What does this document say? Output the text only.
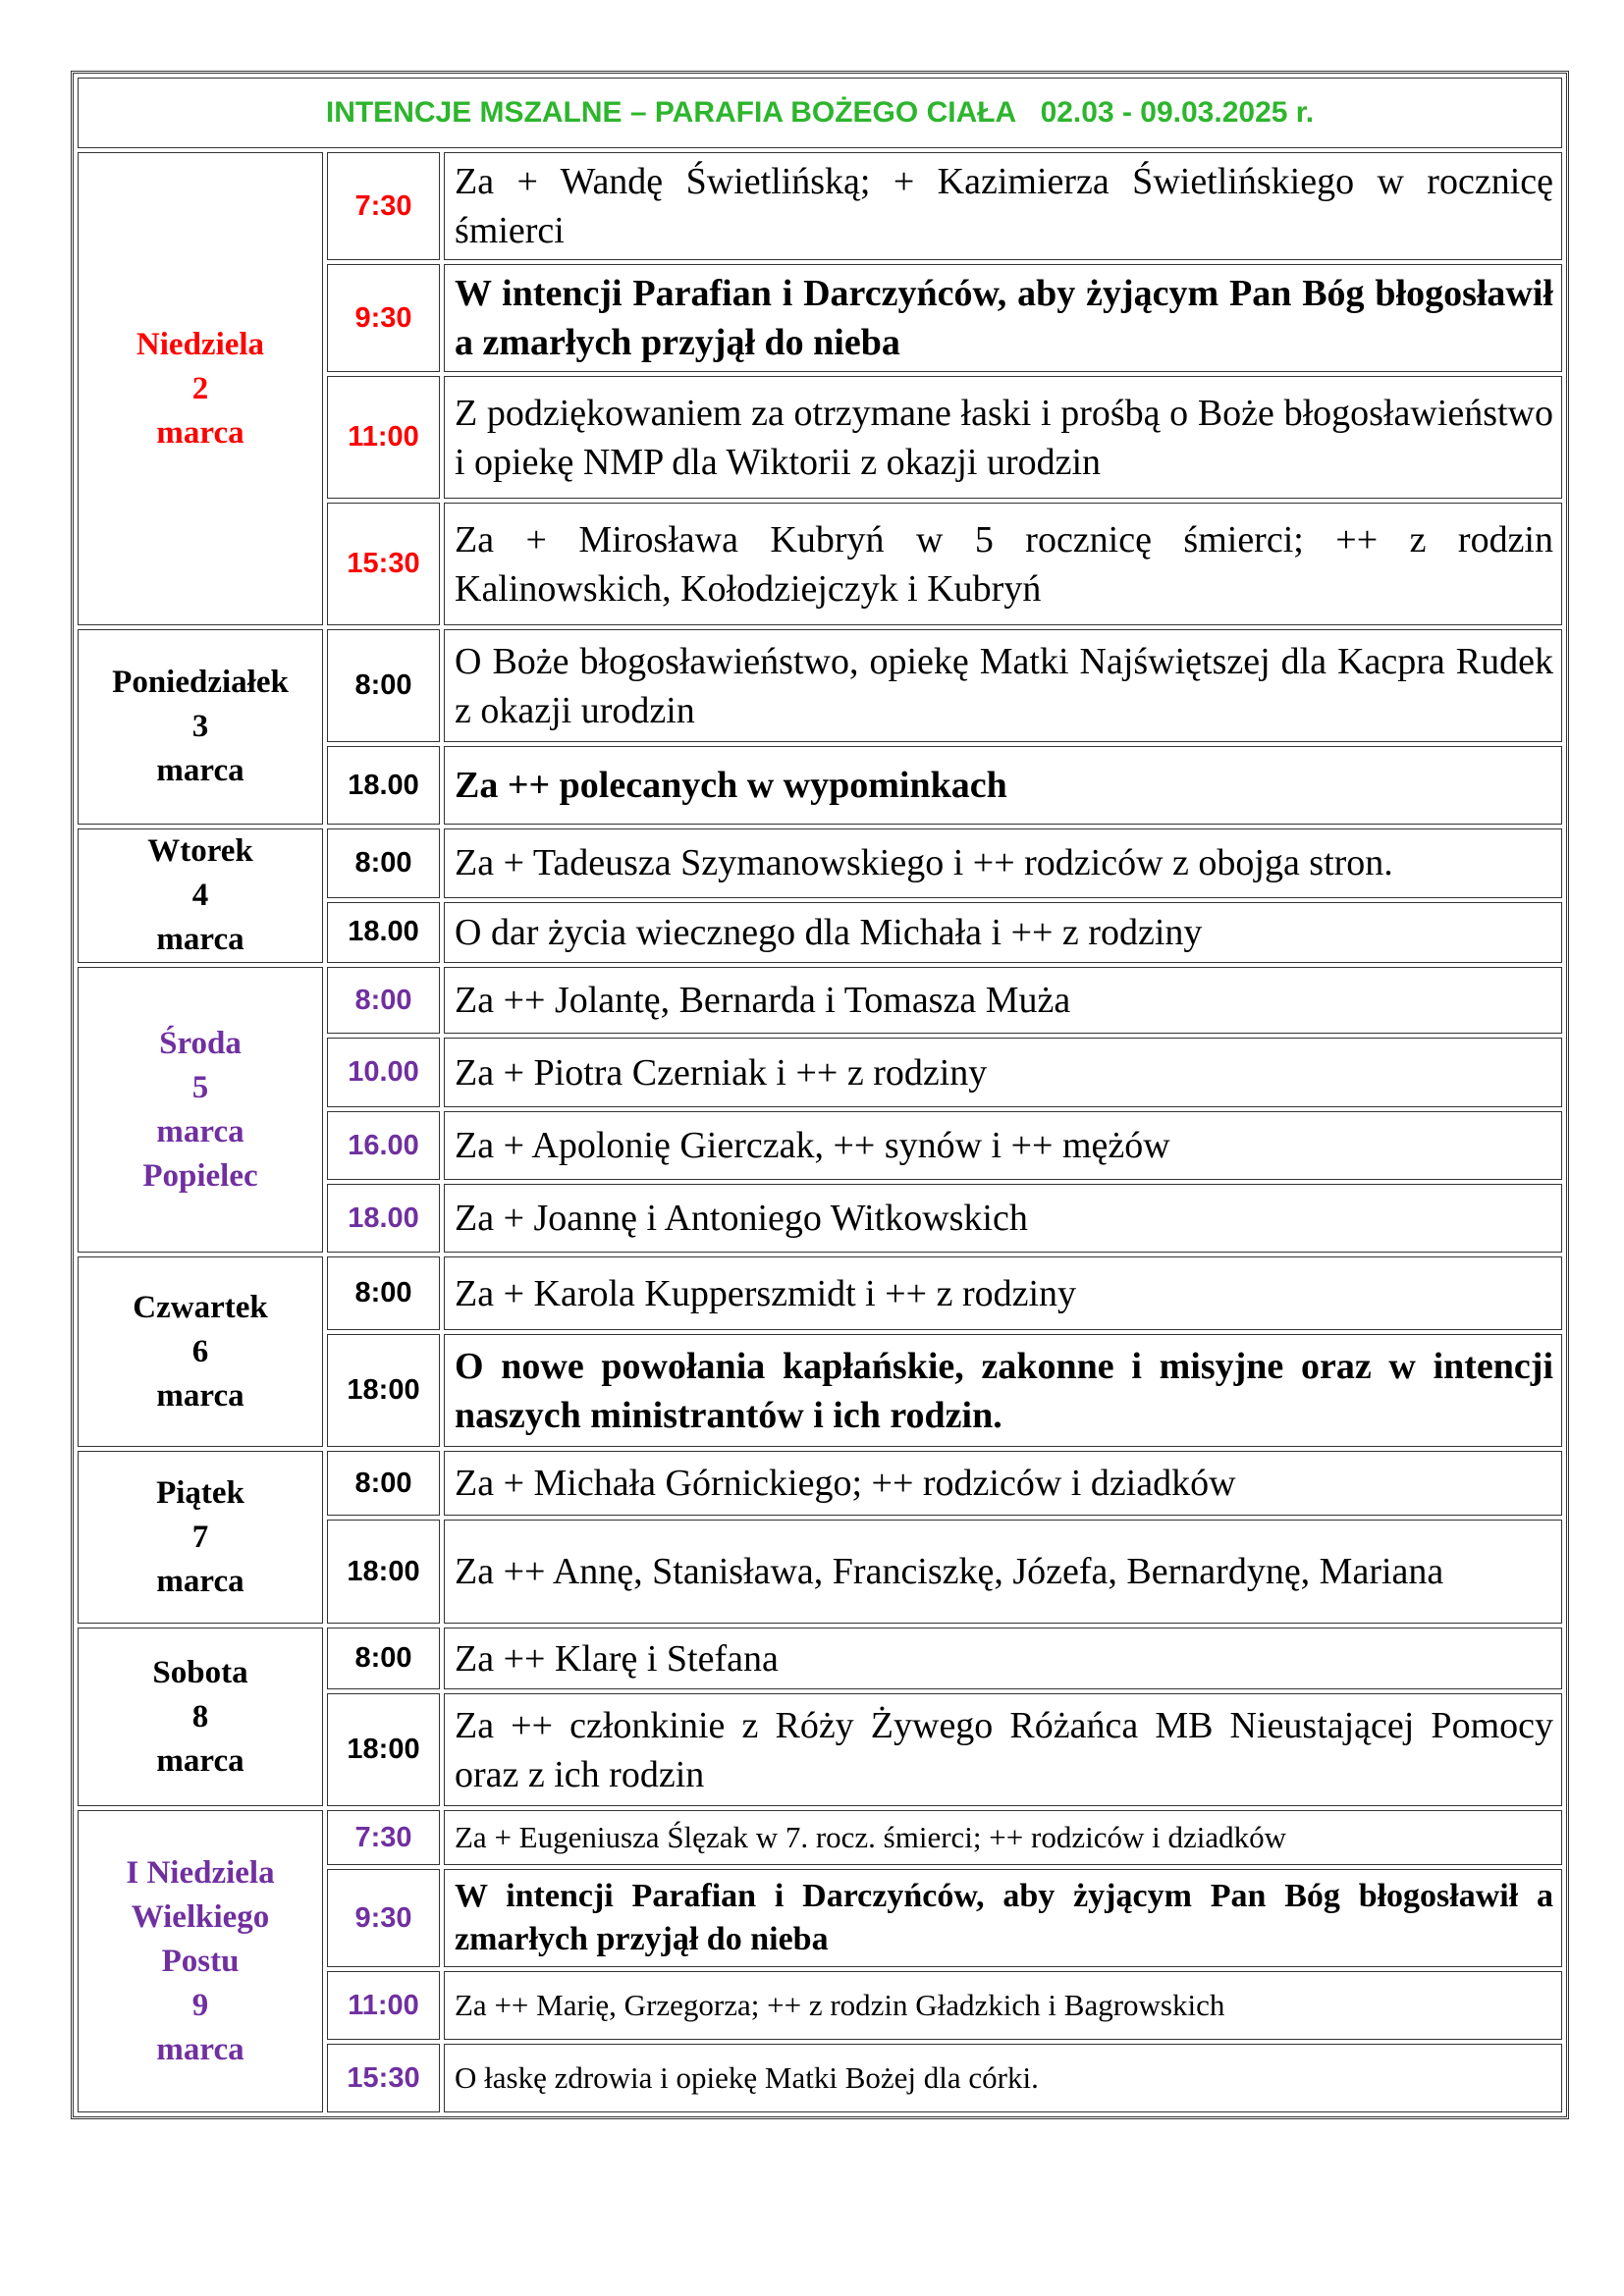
INTENCJE MSZALNE – PARAFIA BOŻEGO CIAŁA 02.03 - 09.03.2025 r.		

Niedziela
2
marca	7:30	Za + Wandę Świetlińską; + Kazimierza Świetlińskiego w rocznicę śmierci
	9:30	W intencji Parafian i Darczyńców, aby żyjącym Pan Bóg błogosławił a zmarłych przyjął do nieba
	11:00	Z podziękowaniem za otrzymane łaski i prośbą o Boże błogosławieństwo i opiekę NMP dla Wiktorii z okazji urodzin
	15:30	Za + Mirosława Kubryń w 5 rocznicę śmierci; ++ z rodzin Kalinowskich, Kołodziejczyk i Kubryń

Poniedziałek
3
marca	8:00	O Boże błogosławieństwo, opiekę Matki Najświętszej dla Kacpra Rudek z okazji urodzin
	18.00	Za ++ polecanych w wypominkach

Wtorek
4
marca	8:00	Za + Tadeusza Szymanowskiego i ++ rodziców z obojga stron.
	18.00	O dar życia wiecznego dla Michała i ++ z rodziny

Środa
5
marca
Popielec	8:00	Za ++ Jolantę, Bernarda i Tomasza Muża
	10.00	Za + Piotra Czerniak i ++ z rodziny
	16.00	Za + Apolonię Gierczak, ++ synów i ++ mężów
	18.00	Za + Joannę i Antoniego Witkowskich

Czwartek
6
marca	8:00	Za + Karola Kupperszmidt i ++ z rodziny
	18:00	O nowe powołania kapłańskie, zakonne i misyjne oraz w intencji naszych ministrantów i ich rodzin.

Piątek
7
marca	8:00	Za + Michała Górnickiego; ++ rodziców i dziadków
	18:00	Za ++ Annę, Stanisława, Franciszkę, Józefa, Bernardynę, Mariana

Sobota
8
marca	8:00	Za ++ Klarę i Stefana
	18:00	Za ++ członkinie z Róży Żywego Różańca MB Nieustającej Pomocy oraz z ich rodzin

I Niedziela
Wielkiego
Postu
9
marca	7:30	Za + Eugeniusza Ślęzak w 7. rocz. śmierci; ++ rodziców i dziadków
	9:30	W intencji Parafian i Darczyńców, aby żyjącym Pan Bóg błogosławił a zmarłych przyjął do nieba
	11:00	Za ++ Marię, Grzegorza; ++ z rodzin Gładzkich i Bagrowskich
	15:30	O łaskę zdrowia i opiekę Matki Bożej dla córki.
